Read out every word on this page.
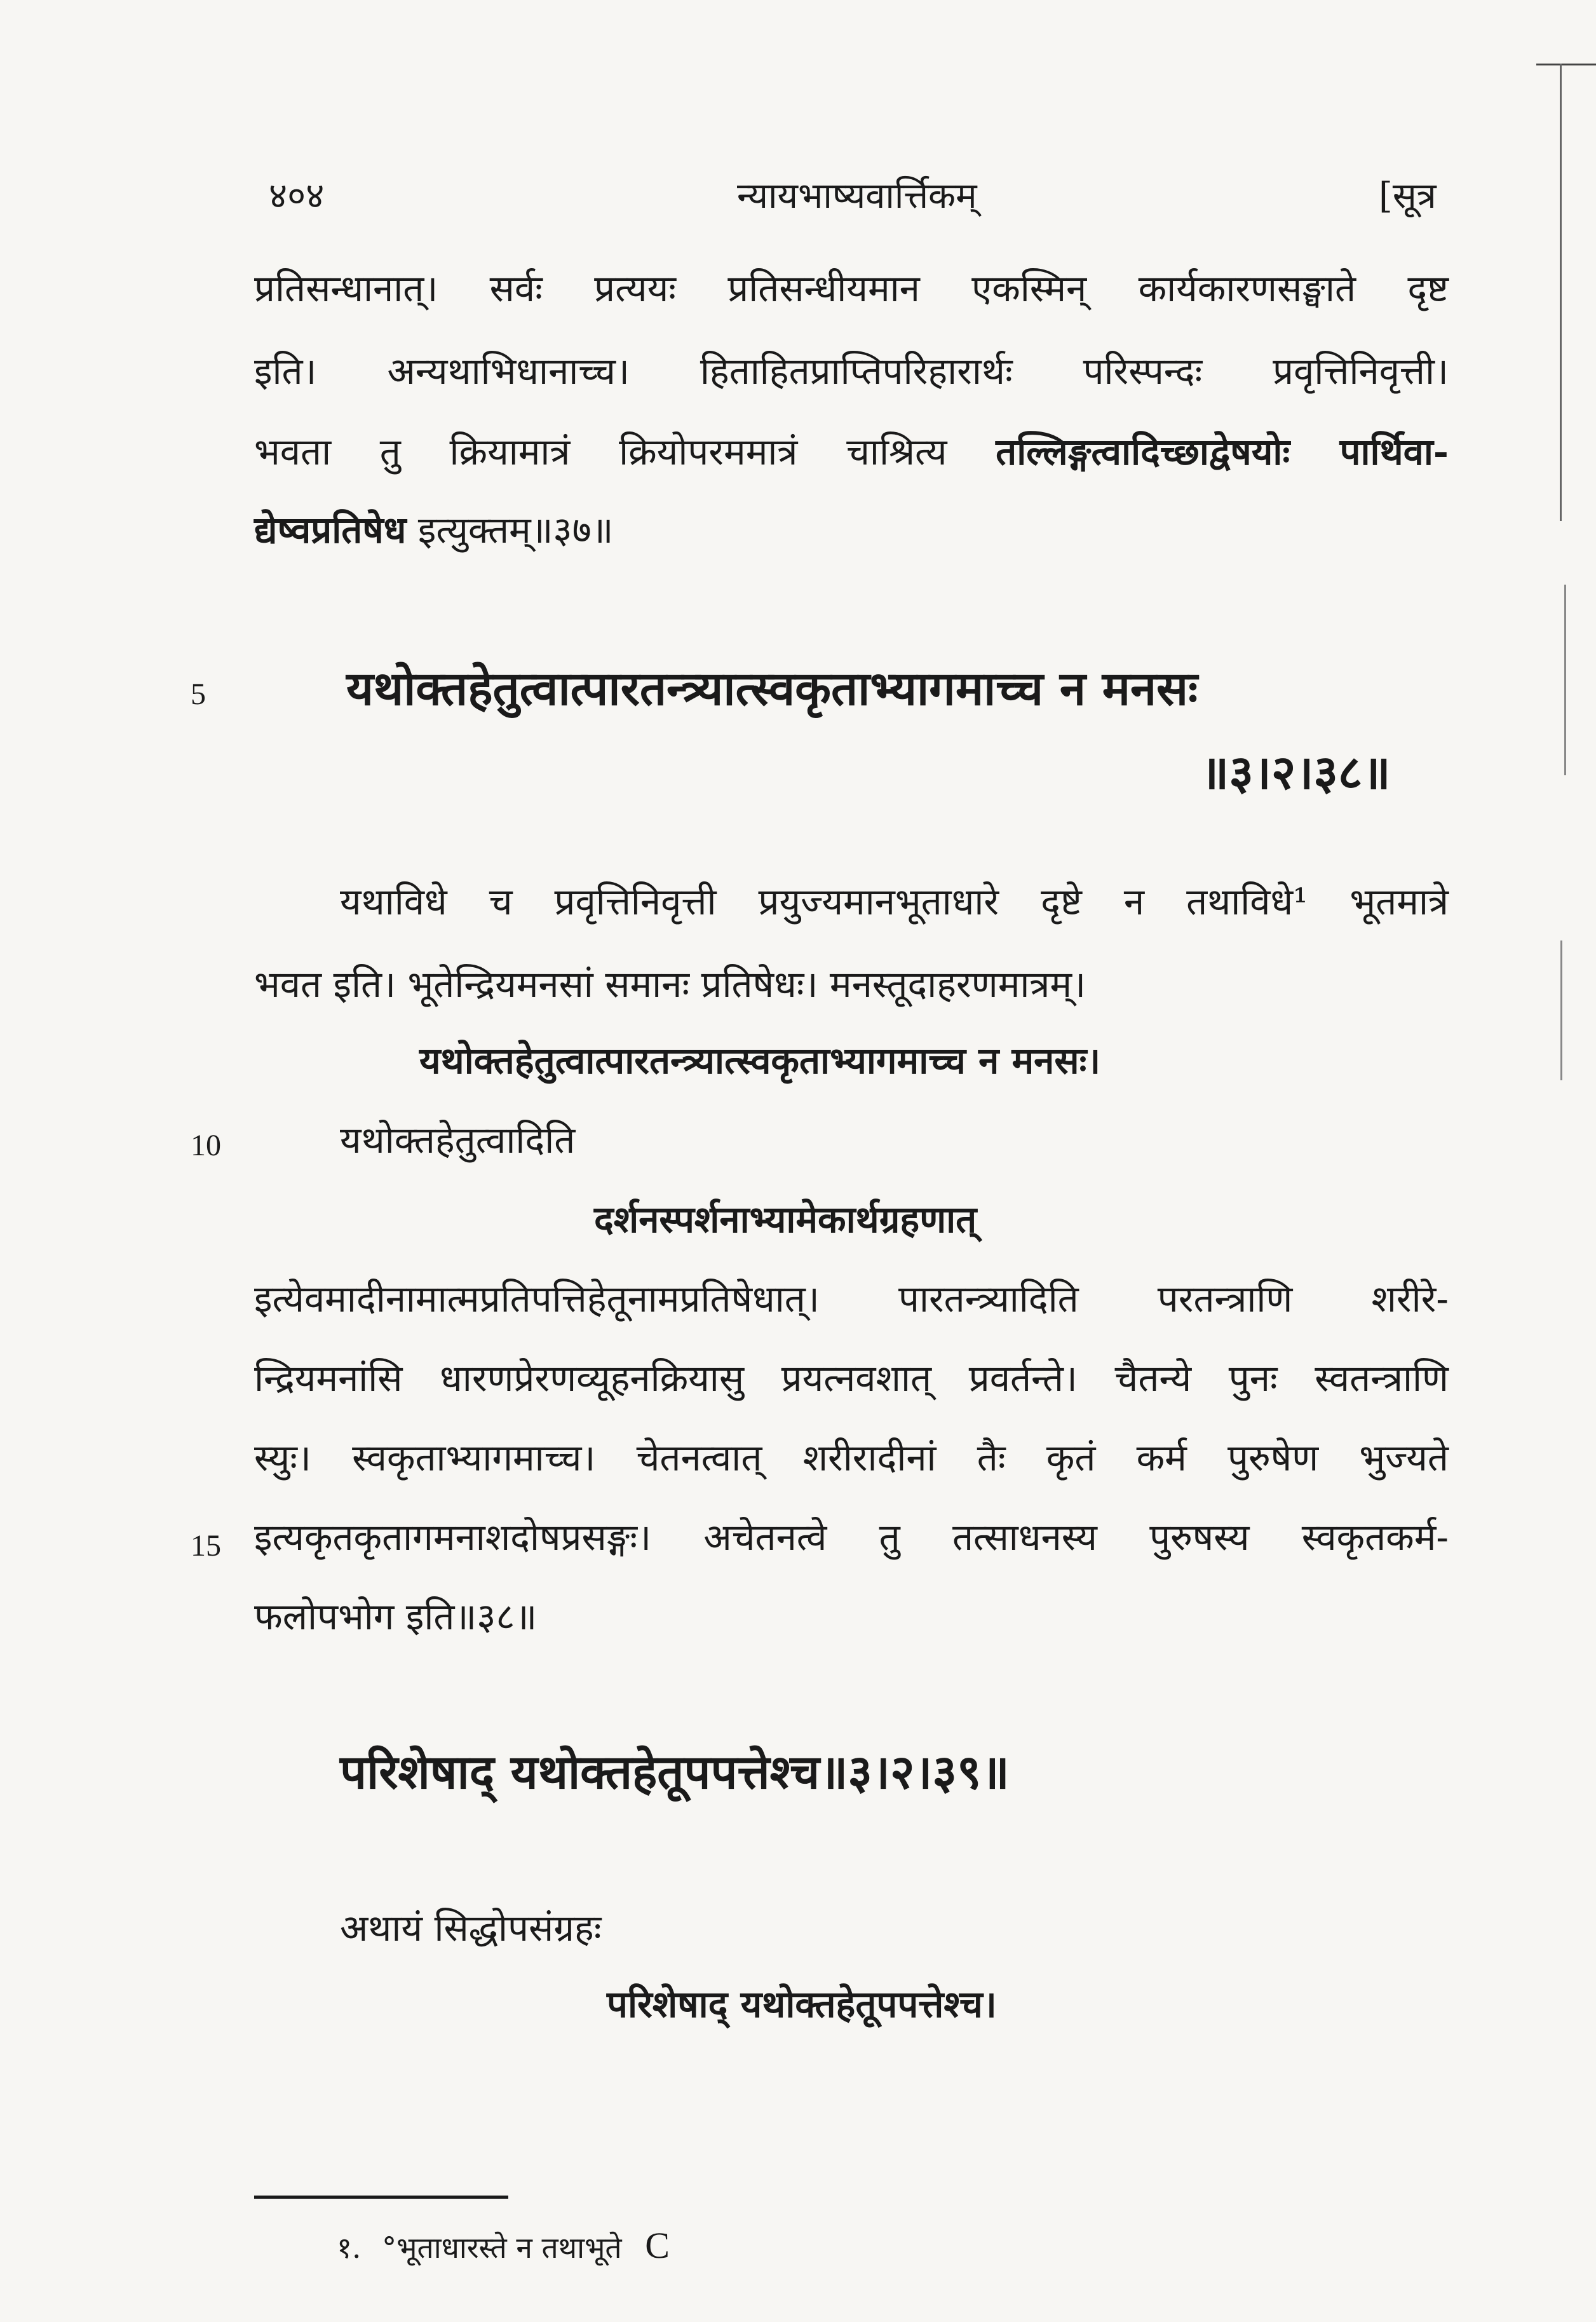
४०४	न्यायभाष्यवार्त्तिकम्	[सूत्र
प्रतिसन्धानात्। सर्वः प्रत्ययः प्रतिसन्धीयमान एकस्मिन् कार्यकारणसङ्घाते दृष्ट
इति। अन्यथाभिधानाच्च। हिताहितप्राप्तिपरिहारार्थः परिस्पन्दः प्रवृत्तिनिवृत्ती।
भवता तु क्रियामात्रं क्रियोपरममात्रं चाश्रित्य तल्लिङ्गत्वादिच्छाद्वेषयोः पार्थिवा-
द्येष्वप्रतिषेध इत्युक्तम्॥३७॥
5	यथोक्तहेतुत्वात्पारतन्त्र्यात्स्वकृताभ्यागमाच्च न मनसः
॥३।२।३८॥
यथाविधे च प्रवृत्तिनिवृत्ती प्रयुज्यमानभूताधारे दृष्टे न तथाविधे¹ भूतमात्रे
भवत इति। भूतेन्द्रियमनसां समानः प्रतिषेधः। मनस्तूदाहरणमात्रम्।
यथोक्तहेतुत्वात्पारतन्त्र्यात्स्वकृताभ्यागमाच्च न मनसः।
10	यथोक्तहेतुत्वादिति
दर्शनस्पर्शनाभ्यामेकार्थग्रहणात्
इत्येवमादीनामात्मप्रतिपत्तिहेतूनामप्रतिषेधात्। पारतन्त्र्यादिति परतन्त्राणि शरीरे-
न्द्रियमनांसि धारणप्रेरणव्यूहनक्रियासु प्रयत्नवशात् प्रवर्तन्ते। चैतन्ये पुनः स्वतन्त्राणि
स्युः। स्वकृताभ्यागमाच्च। चेतनत्वात् शरीरादीनां तैः कृतं कर्म पुरुषेण भुज्यते
15 इत्यकृतकृतागमनाशदोषप्रसङ्गः। अचेतनत्वे तु तत्साधनस्य पुरुषस्य स्वकृतकर्म-
फलोपभोग इति॥३८॥
परिशेषाद् यथोक्तहेतूपपत्तेश्च॥३।२।३९॥
अथायं सिद्धोपसंग्रहः
परिशेषाद् यथोक्तहेतूपपत्तेश्च।
१. °भूताधारस्ते न तथाभूते C
